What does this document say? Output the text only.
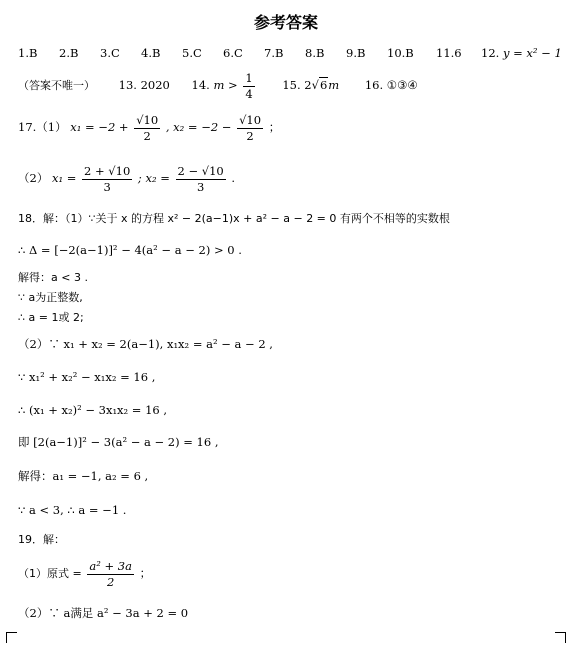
参考答案
1.B 2.B 3.C 4.B 5.C 6.C 7.B 8.B 9.B 10.B 11.6 12. y = x² − 1
（答案不唯一） 13. 2020 14. $m > \frac{1}{4} 15$. 2√6m 16. ①③④
17.（1） $x_1 = -2 + \frac{√10}{2}$ , $x_2 = -2 - \frac{√10}{2}$ ；
（2） $x_1 = \frac{2 + √10}{3}$ ; $x_2 = \frac{2 - √10}{3}$ .
18．解：（1）∵关于 x 的方程 x² − 2(a−1)x + a² − a − 2 = 0 有两个不相等的实数根
∴ Δ = [−2(a−1)]² − 4(a² − a − 2) > 0 .
解得：a < 3 .
∵ a为正整数,
∴ a = 1或 2;
（2）∵ x₁ + x₂ = 2(a−1), x₁x₂ = a² − a − 2 ,
∵ x₁² + x₂² − x₁x₂ = 16 ,
∴ (x₁ + x₂)² − 3x₁x₂ = 16 ,
即 [2(a−1)]² − 3(a² − a − 2) = 16 ,
解得：a₁ = −1, a₂ = 6 ,
∵ a < 3, ∴ a = −1 .
19．解：
（1）原式 = $\frac{\text{a² + 3a}}{2}$ ；
（2）∵ a满足 a² − 3a + 2 = 0
